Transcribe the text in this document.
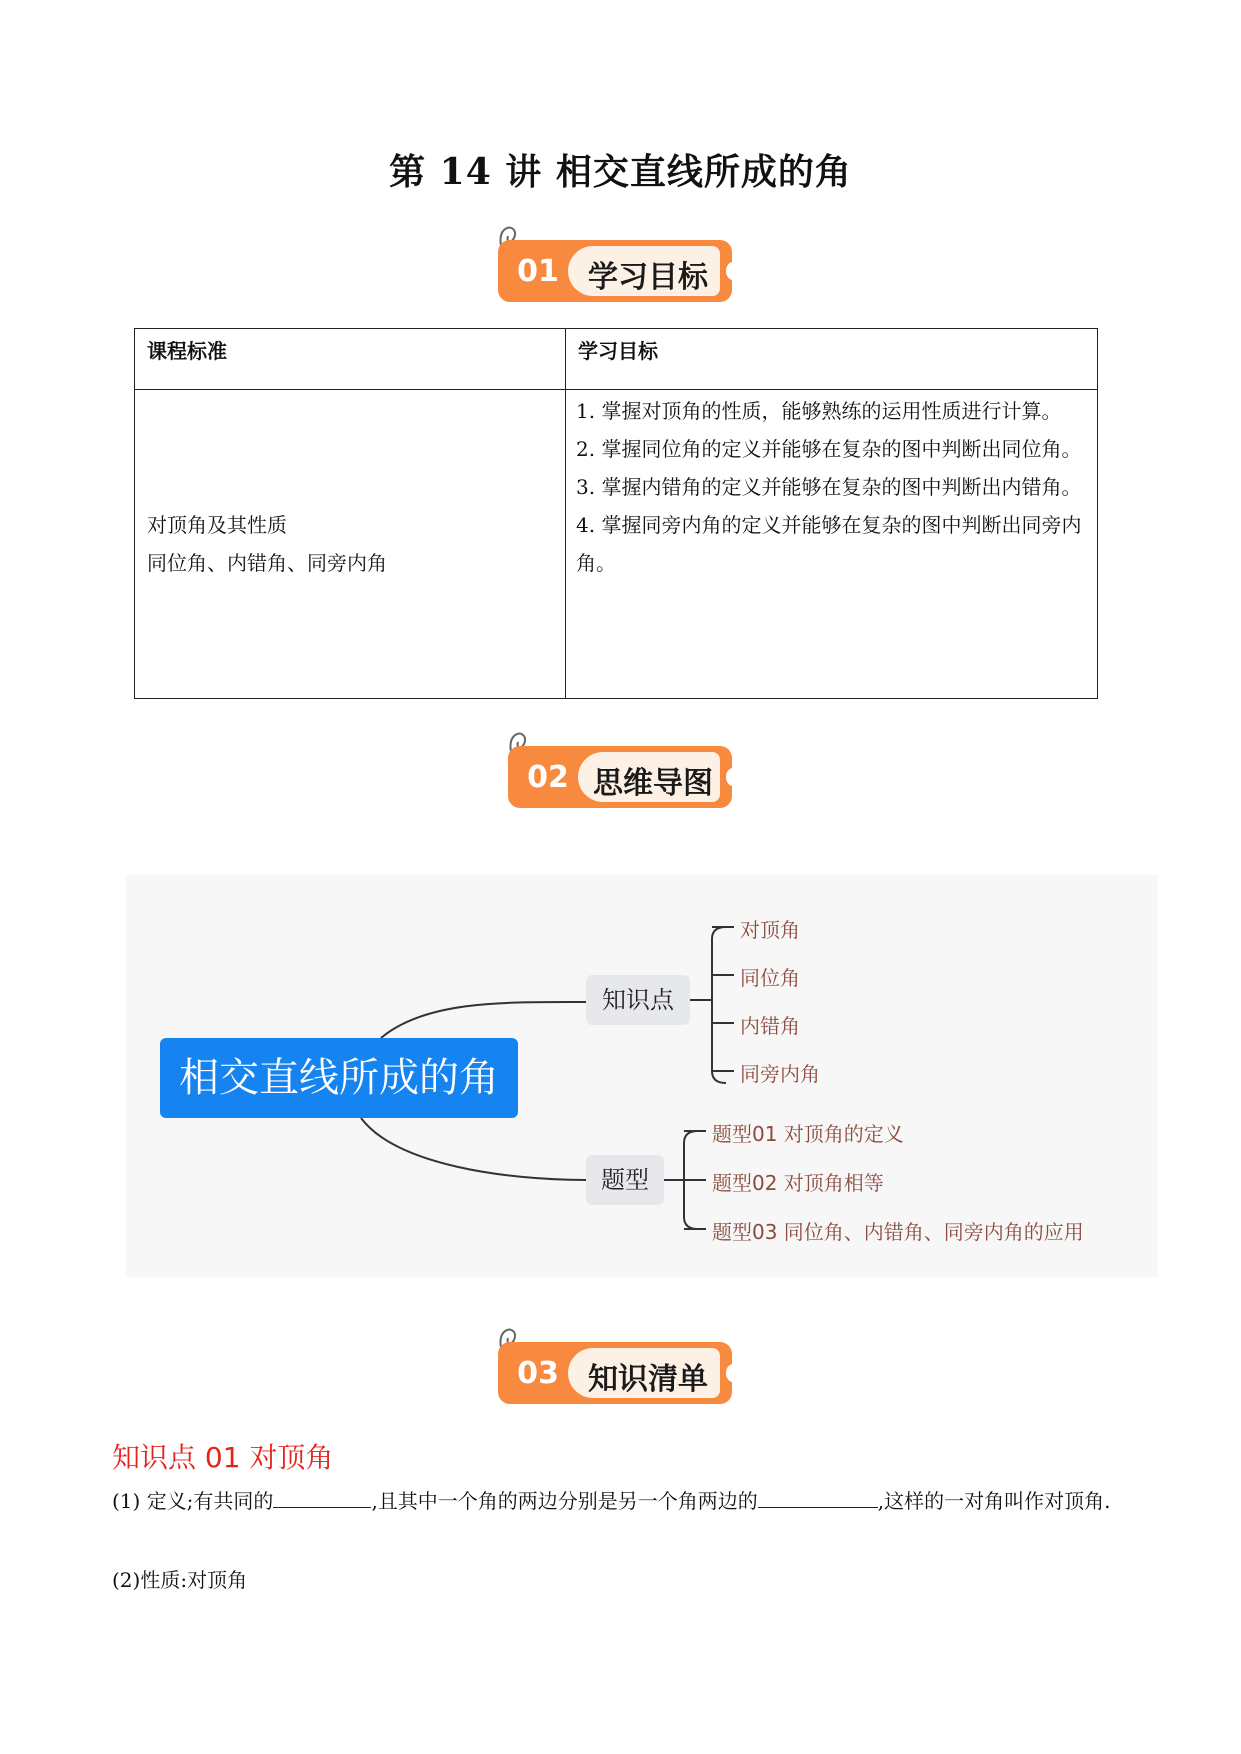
第 14 讲 相交直线所成的角
01 学习目标
课程标准	学习目标

对顶角及其性质
同位角、内错角、同旁内角	1. 掌握对顶角的性质，能够熟练的运用性质进行计算。
2. 掌握同位角的定义并能够在复杂的图中判断出同位角。
3. 掌握内错角的定义并能够在复杂的图中判断出内错角。
4. 掌握同旁内角的定义并能够在复杂的图中判断出同旁内角。
02 思维导图
相交直线所成的角
知识点
题型
对顶角
同位角
内错角
同旁内角
题型01 对顶角的定义
题型02 对顶角相等
题型03 同位角、内错角、同旁内角的应用
03 知识清单
知识点 01 对顶角
(1) 定义;有共同的	,且其中一个角的两边分别是另一个角两边的	,这样的一对角叫作对顶角.
(2)性质:对顶角
